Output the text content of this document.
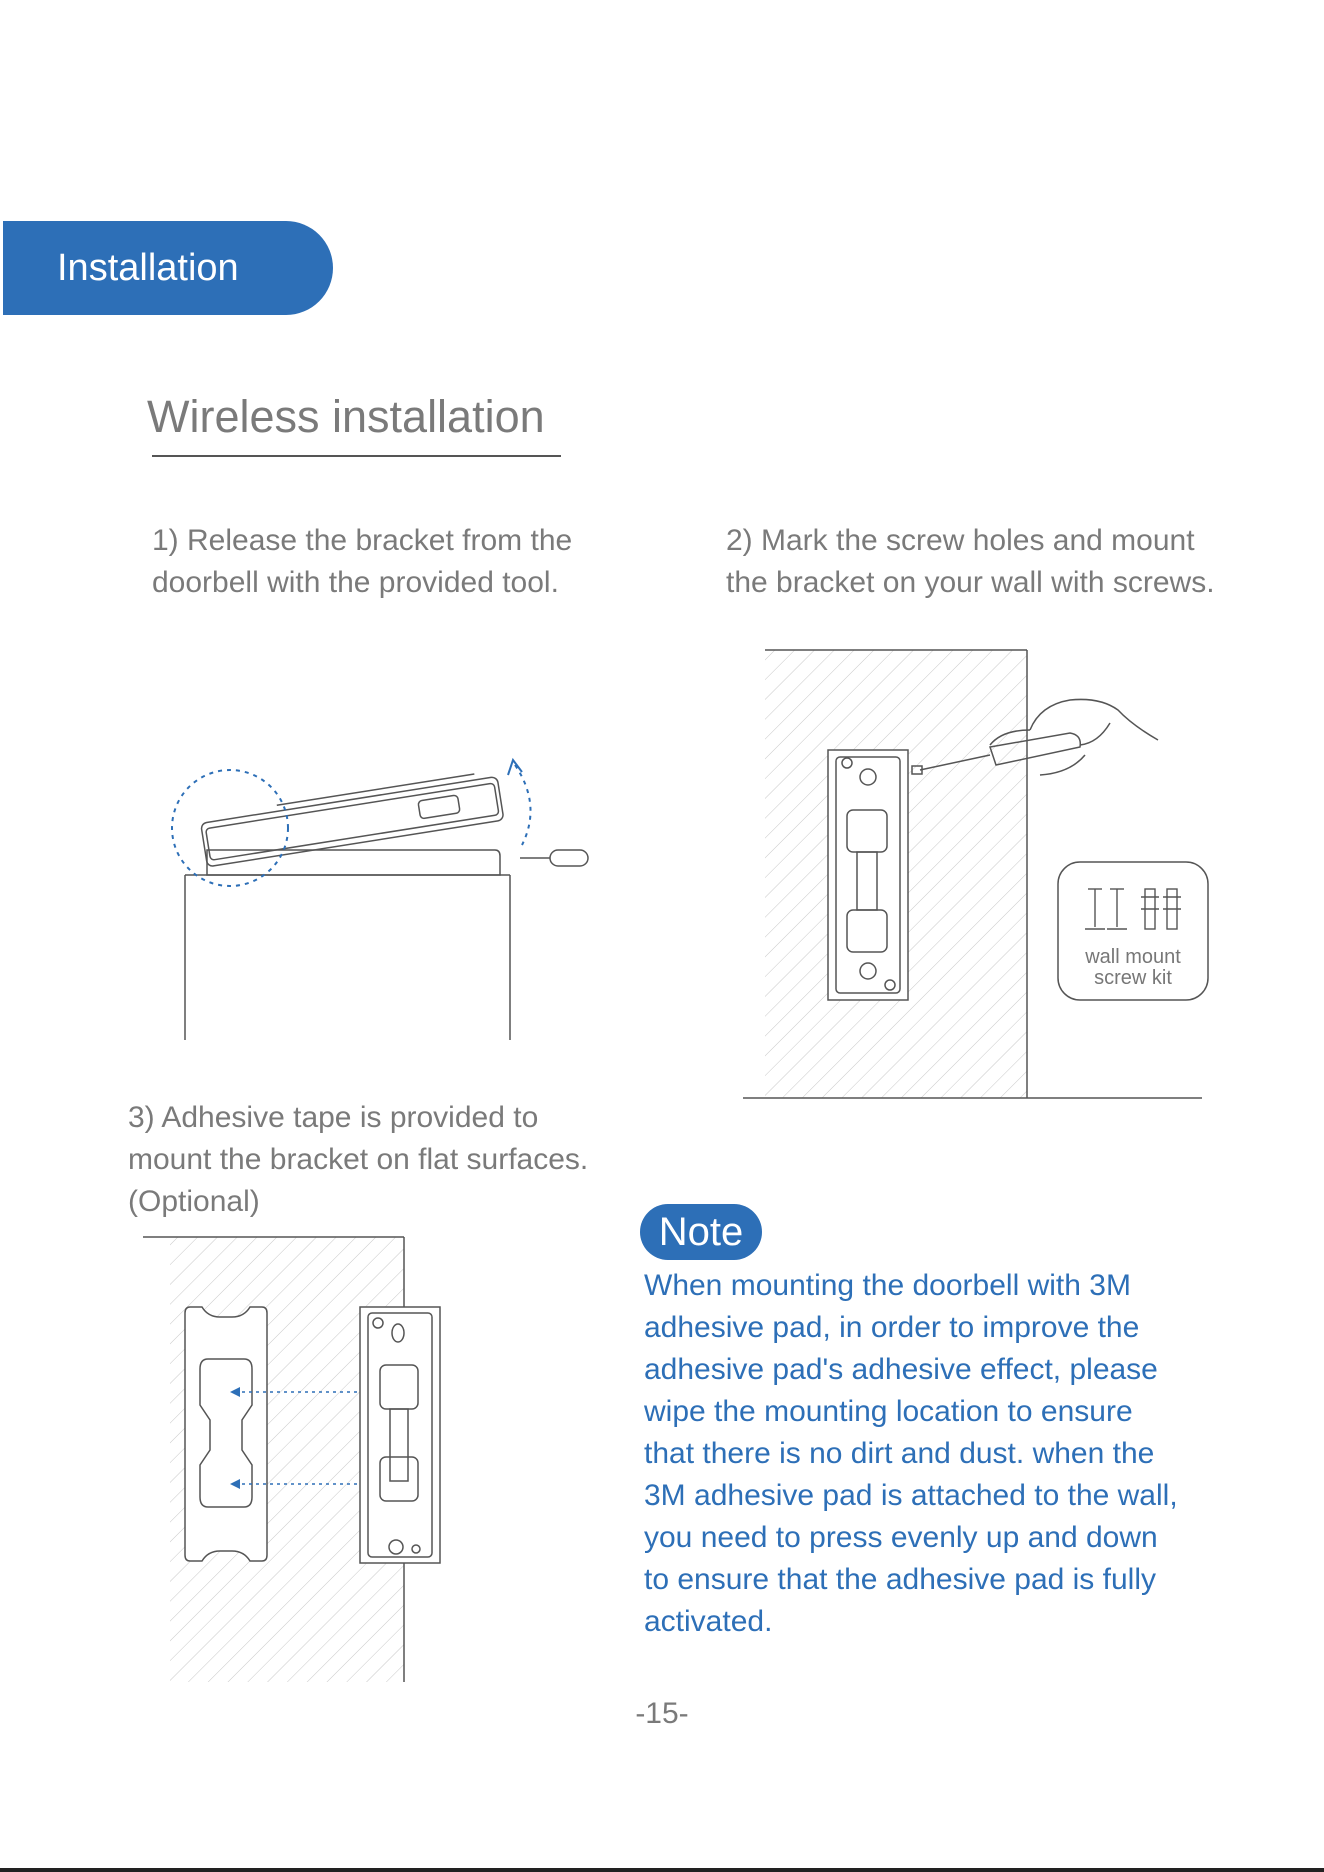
Installation
Wireless installation
1) Release the bracket from the
doorbell with the provided tool.
2) Mark the screw holes and mount
the bracket on your wall with screws.
3) Adhesive tape is provided to
mount the bracket on flat surfaces.
(Optional)
wall mount
screw kit
Note
When mounting the doorbell with 3M
adhesive pad, in order to improve the
adhesive pad's adhesive effect, please
wipe the mounting location to ensure
that there is no dirt and dust. when the
3M adhesive pad is attached to the wall,
you need to press evenly up and down
to ensure that the adhesive pad is fully
activated.
-15-
